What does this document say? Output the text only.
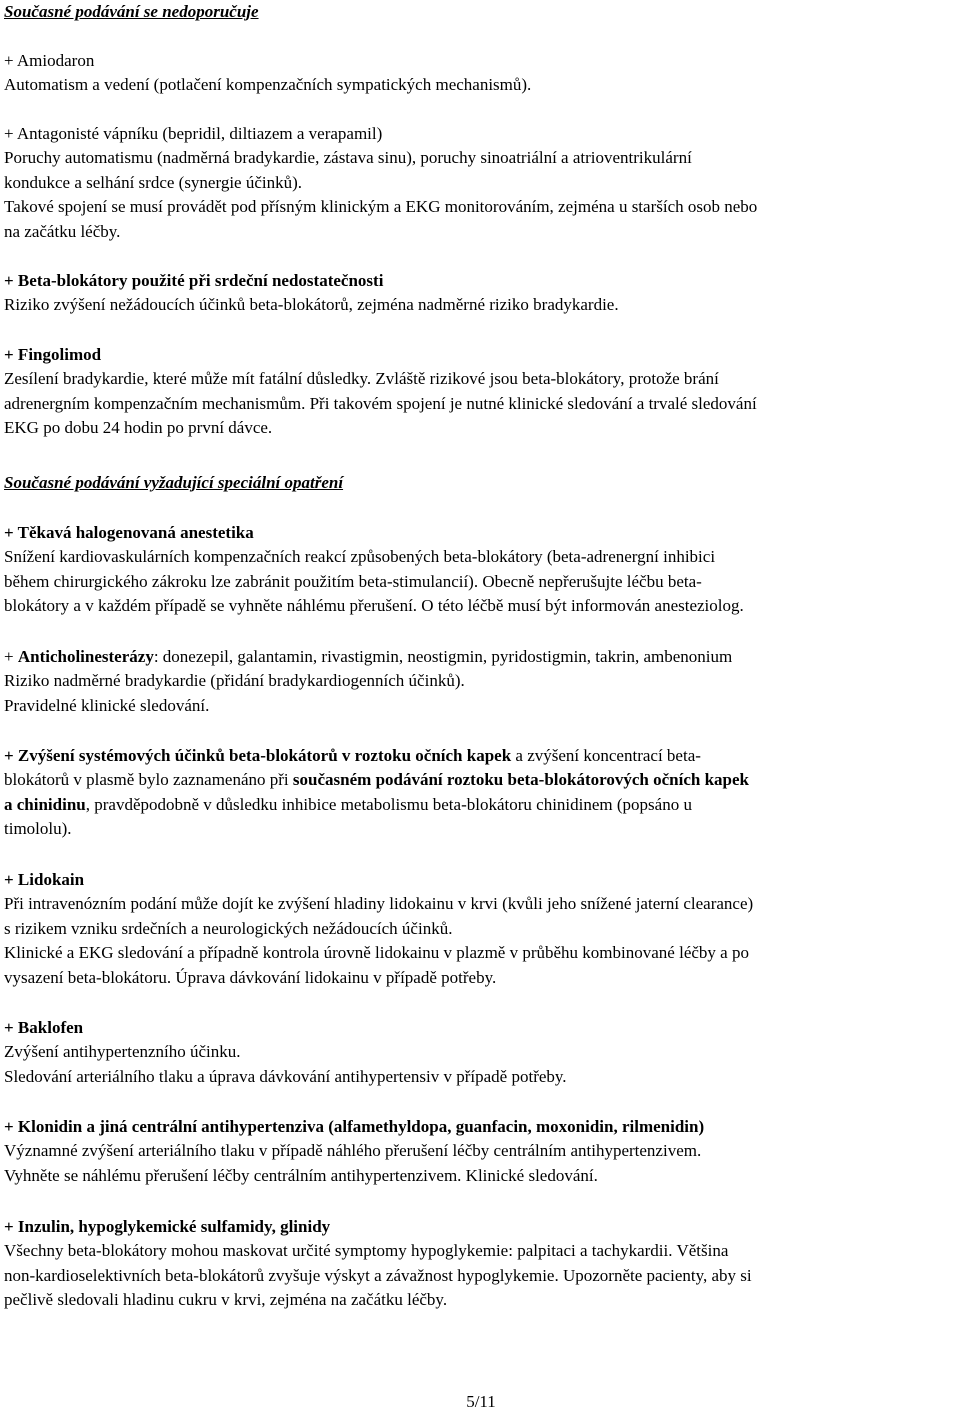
Současné podávání se nedoporučuje
+ Amiodaron
Automatism a vedení (potlačení kompenzačních sympatických mechanismů).
+ Antagonisté vápníku (bepridil, diltiazem a verapamil)
Poruchy automatismu (nadměrná bradykardie, zástava sinu), poruchy sinoatriální a atrioventrikulární
kondukce a selhání srdce (synergie účinků).
Takové spojení se musí provádět pod přísným klinickým a EKG monitorováním, zejména u starších osob nebo
na začátku léčby.
+ Beta-blokátory použité při srdeční nedostatečnosti
Riziko zvýšení nežádoucích účinků beta-blokátorů, zejména nadměrné riziko bradykardie.
+ Fingolimod
Zesílení bradykardie, které může mít fatální důsledky. Zvláště rizikové jsou beta-blokátory, protože brání
adrenergním kompenzačním mechanismům. Při takovém spojení je nutné klinické sledování a trvalé sledování
EKG po dobu 24 hodin po první dávce.
Současné podávání vyžadující speciální opatření
+ Těkavá halogenovaná anestetika
Snížení kardiovaskulárních kompenzačních reakcí způsobených beta-blokátory (beta-adrenergní inhibici
během chirurgického zákroku lze zabránit použitím beta-stimulancií). Obecně nepřerušujte léčbu beta-
blokátory a v každém případě se vyhněte náhlému přerušení. O této léčbě musí být informován anesteziolog.
+ Anticholinesterázy: donezepil, galantamin, rivastigmin, neostigmin, pyridostigmin, takrin, ambenonium
Riziko nadměrné bradykardie (přidání bradykardiogenních účinků).
Pravidelné klinické sledování.
+ Zvýšení systémových účinků beta-blokátorů v roztoku očních kapek a zvýšení koncentrací beta-
blokátorů v plasmě bylo zaznamenáno při současném podávání roztoku beta-blokátorových očních kapek
a chinidinu, pravděpodobně v důsledku inhibice metabolismu beta-blokátoru chinidinem (popsáno u
timololu).
+ Lidokain
Při intravenózním podání může dojít ke zvýšení hladiny lidokainu v krvi (kvůli jeho snížené jaterní clearance)
s rizikem vzniku srdečních a neurologických nežádoucích účinků.
Klinické a EKG sledování a případně kontrola úrovně lidokainu v plazmě v průběhu kombinované léčby a po
vysazení beta-blokátoru. Úprava dávkování lidokainu v případě potřeby.
+ Baklofen
Zvýšení antihypertenzního účinku.
Sledování arteriálního tlaku a úprava dávkování antihypertensiv v případě potřeby.
+ Klonidin a jiná centrální antihypertenziva (alfamethyldopa, guanfacin, moxonidin, rilmenidin)
Významné zvýšení arteriálního tlaku v případě náhlého přerušení léčby centrálním antihypertenzivem.
Vyhněte se náhlému přerušení léčby centrálním antihypertenzivem. Klinické sledování.
+ Inzulin, hypoglykemické sulfamidy, glinidy
Všechny beta-blokátory mohou maskovat určité symptomy hypoglykemie: palpitaci a tachykardii. Většina
non-kardioselektivních beta-blokátorů zvyšuje výskyt a závažnost hypoglykemie. Upozorněte pacienty, aby si
pečlivě sledovali hladinu cukru v krvi, zejména na začátku léčby.
5/11
